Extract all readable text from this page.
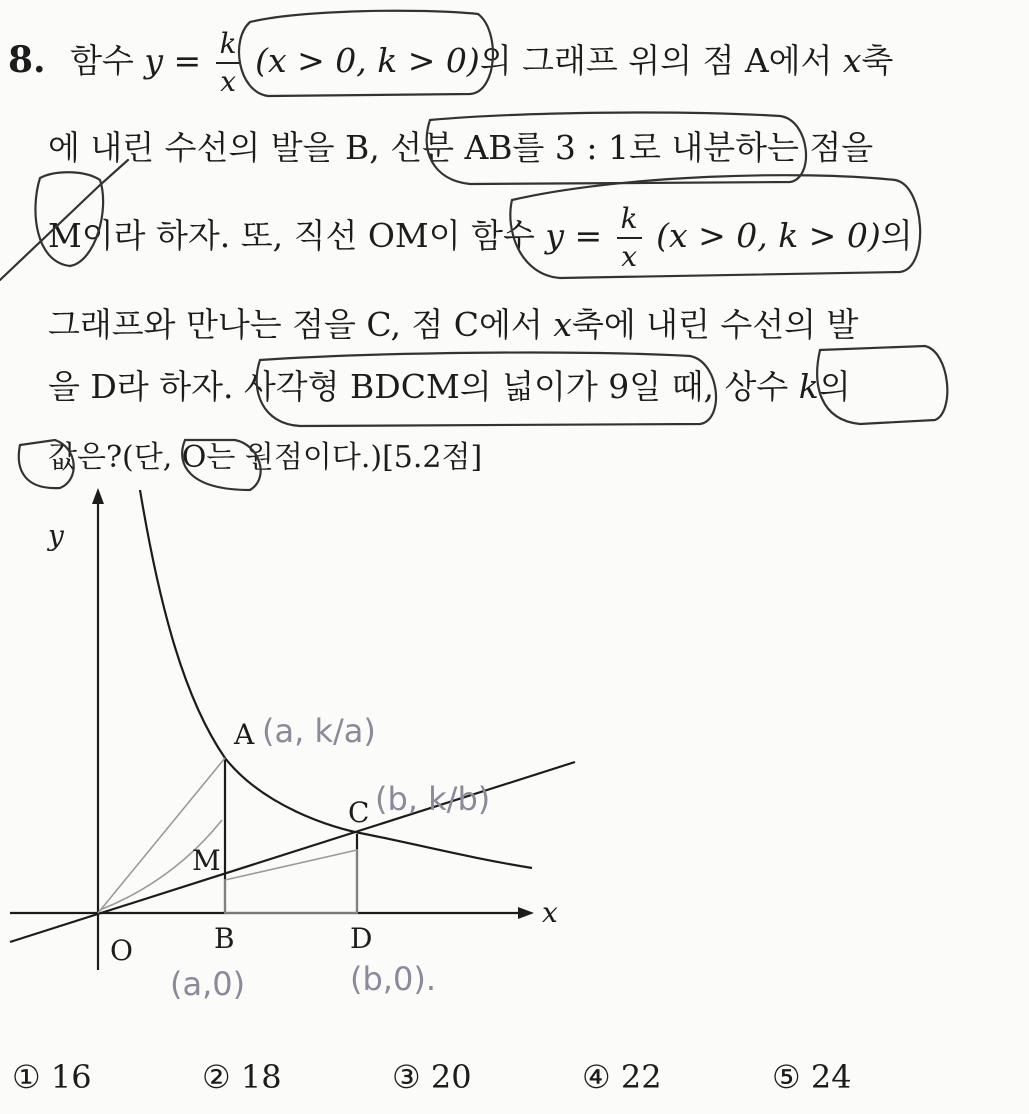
8. 함수 $y = \frac{k}{x} (x > 0$, k > 0)의 그래프 위의 점 A에서 x축
에 내린 수선의 발을 B, 선분 AB를 3 : 1로 내분하는 점을
M이라 하자. 또, 직선 OM이 함수 $y = \frac{k}{x} (x > 0$, k > 0)의
그래프와 만나는 점을 C, 점 C에서 x축에 내린 수선의 발
을 D라 하자. 사각형 BDCM의 넓이가 9일 때, 상수 k의
값은?(단, O는 원점이다.)[5.2점]
y
x
A
C
M
O	B	D
(a, k/a)
(b, k/b)
(a,0)	(b,0).
① 16	② 18	③ 20	④ 22	⑤ 24
